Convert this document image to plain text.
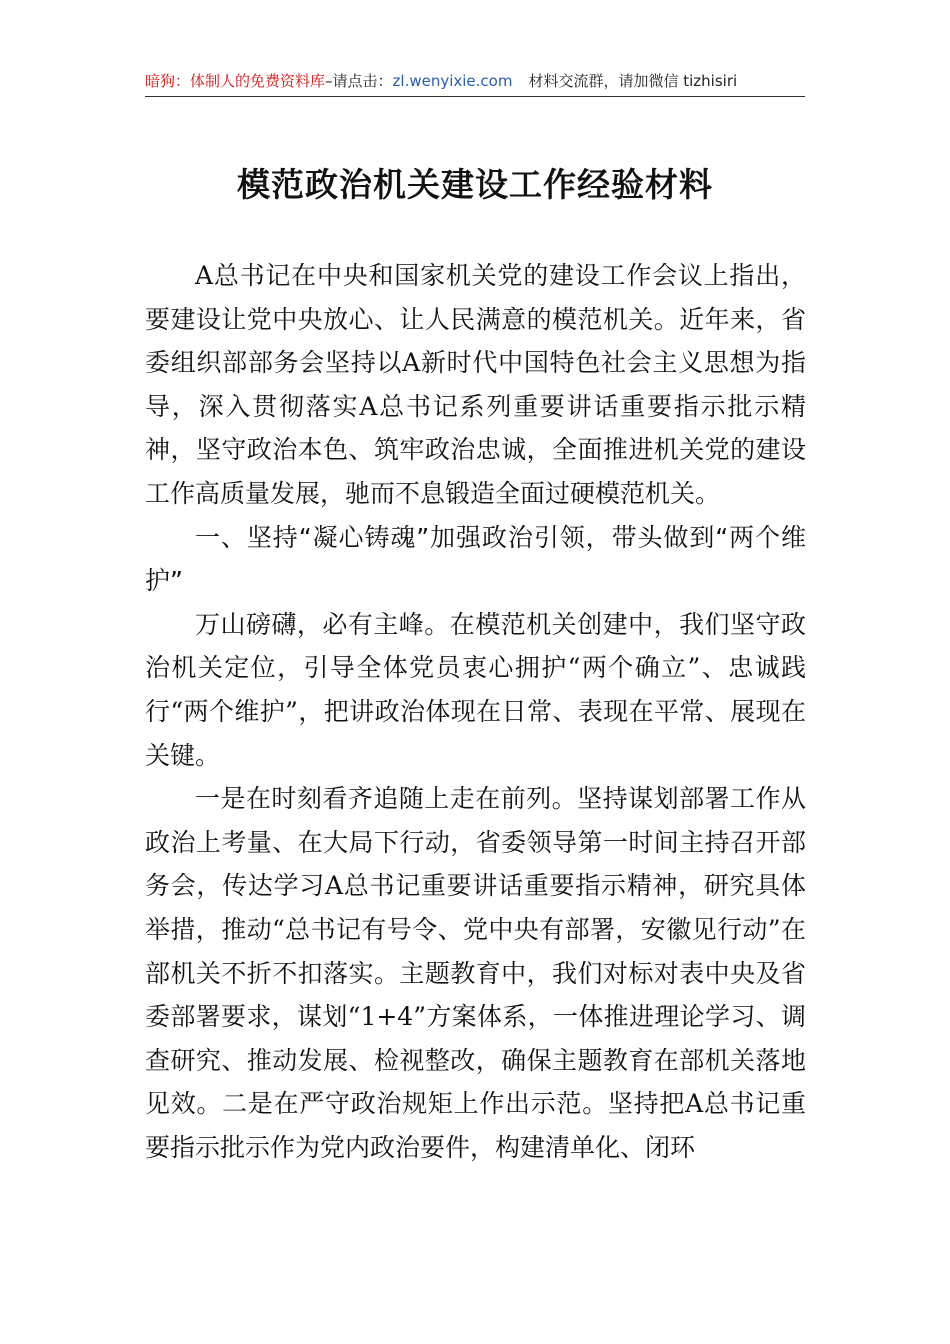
暗狗：体制人的免费资料库–请点击：zl.wenyixie.com 材料交流群，请加微信 tizhisiri
模范政治机关建设工作经验材料

A总书记在中央和国家机关党的建设工作会议上指出，要建设让党中央放心、让人民满意的模范机关。近年来，省委组织部部务会坚持以A新时代中国特色社会主义思想为指导，深入贯彻落实A总书记系列重要讲话重要指示批示精神，坚守政治本色、筑牢政治忠诚，全面推进机关党的建设工作高质量发展，驰而不息锻造全面过硬模范机关。

一、坚持“凝心铸魂”加强政治引领，带头做到“两个维护”

万山磅礴，必有主峰。在模范机关创建中，我们坚守政治机关定位，引导全体党员衷心拥护“两个确立”、忠诚践行“两个维护”，把讲政治体现在日常、表现在平常、展现在关键。

一是在时刻看齐追随上走在前列。坚持谋划部署工作从政治上考量、在大局下行动，省委领导第一时间主持召开部务会，传达学习A总书记重要讲话重要指示精神，研究具体举措，推动“总书记有号令、党中央有部署，安徽见行动”在部机关不折不扣落实。主题教育中，我们对标对表中央及省委部署要求，谋划“1+4”方案体系，一体推进理论学习、调查研究、推动发展、检视整改，确保主题教育在部机关落地见效。二是在严守政治规矩上作出示范。坚持把A总书记重要指示批示作为党内政治要件，构建清单化、闭环
